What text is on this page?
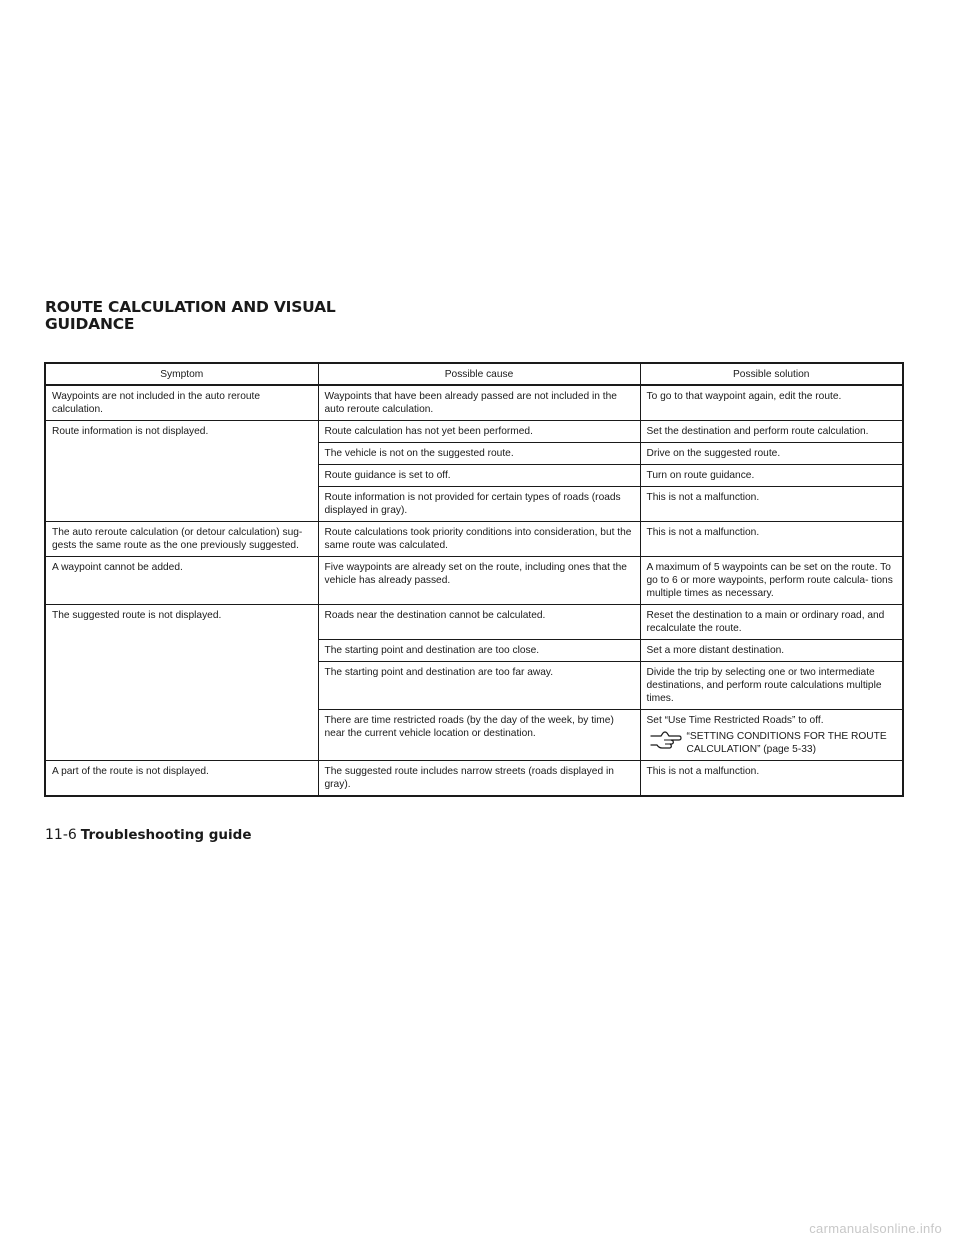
ROUTE CALCULATION AND VISUAL
GUIDANCE
Symptom	Possible cause	Possible solution
Waypoints are not included in the auto reroute calculation.	Waypoints that have been already passed are not included in the auto reroute calculation.	To go to that waypoint again, edit the route.
Route information is not displayed.	Route calculation has not yet been performed.	Set the destination and perform route calculation.
	The vehicle is not on the suggested route.	Drive on the suggested route.
	Route guidance is set to off.	Turn on route guidance.
	Route information is not provided for certain types of roads (roads displayed in gray).	This is not a malfunction.
The auto reroute calculation (or detour calculation) sug- gests the same route as the one previously suggested.	Route calculations took priority conditions into consideration, but the same route was calculated.	This is not a malfunction.
A waypoint cannot be added.	Five waypoints are already set on the route, including ones that the vehicle has already passed.	A maximum of 5 waypoints can be set on the route. To go to 6 or more waypoints, perform route calcula- tions multiple times as necessary.
The suggested route is not displayed.	Roads near the destination cannot be calculated.	Reset the destination to a main or ordinary road, and recalculate the route.
	The starting point and destination are too close.	Set a more distant destination.
	The starting point and destination are too far away.	Divide the trip by selecting one or two intermediate destinations, and perform route calculations multiple times.
	There are time restricted roads (by the day of the week, by time) near the current vehicle location or destination.	Set “Use Time Restricted Roads” to off.
“SETTING CONDITIONS FOR THE ROUTE CALCULATION” (page 5-33)

A part of the route is not displayed.	The suggested route includes narrow streets (roads displayed in gray).	This is not a malfunction.
11-6 Troubleshooting guide
carmanualsonline.info
